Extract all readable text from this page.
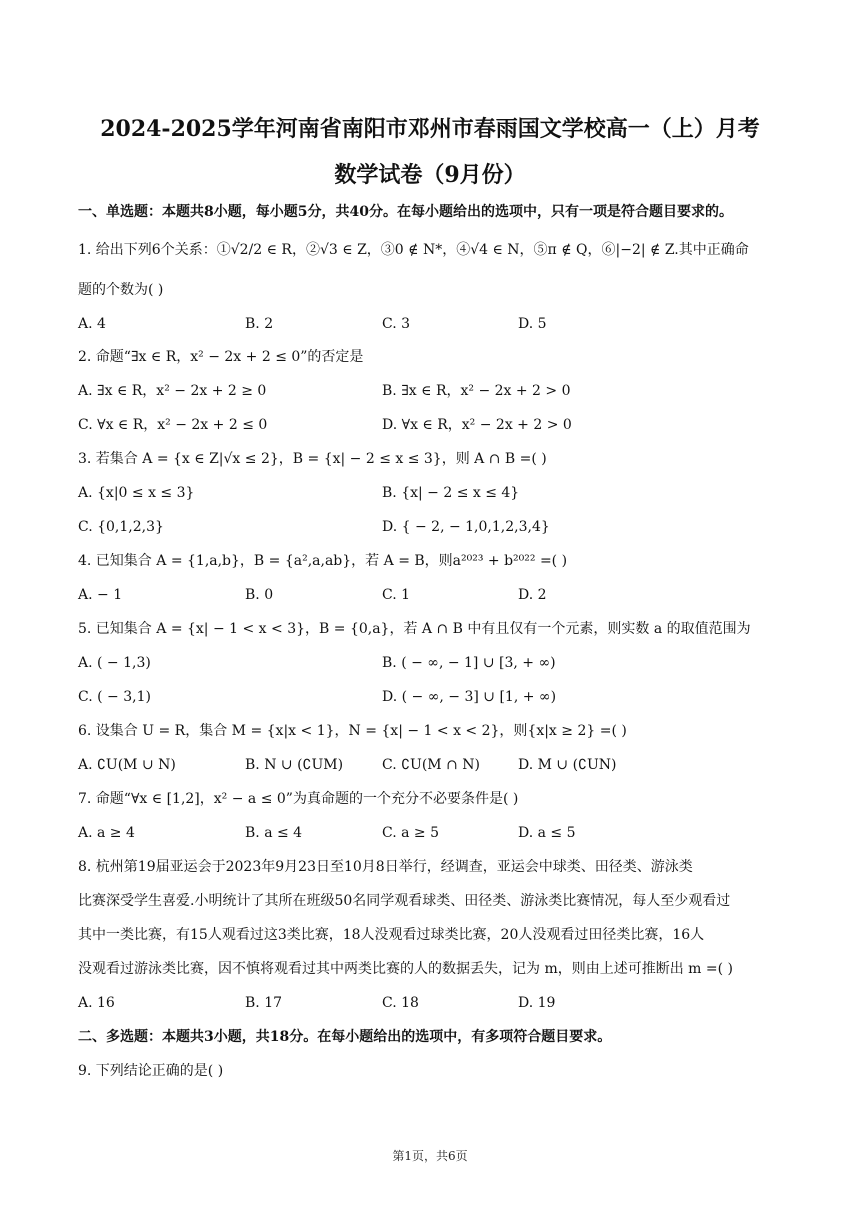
2024-2025学年河南省南阳市邓州市春雨国文学校高一（上）月考
数学试卷（9月份）
一、单选题：本题共8小题，每小题5分，共40分。在每小题给出的选项中，只有一项是符合题目要求的。
1. 给出下列6个关系：①√2/2 ∈ R，②√3 ∈ Z，③0 ∉ N*，④√4 ∈ N，⑤π ∉ Q，⑥|−2| ∉ Z.其中正确命
题的个数为( )
A. 4	B. 2	C. 3	D. 5
2. 命题“∃x ∈ R，x² − 2x + 2 ≤ 0”的否定是
A. ∃x ∈ R，x² − 2x + 2 ≥ 0	B. ∃x ∈ R，x² − 2x + 2 > 0
C. ∀x ∈ R，x² − 2x + 2 ≤ 0	D. ∀x ∈ R，x² − 2x + 2 > 0
3. 若集合 A = {x ∈ Z|√x ≤ 2}，B = {x| − 2 ≤ x ≤ 3}，则 A ∩ B =( )
A. {x|0 ≤ x ≤ 3}	B. {x| − 2 ≤ x ≤ 4}
C. {0,1,2,3}	D. { − 2, − 1,0,1,2,3,4}
4. 已知集合 A = {1,a,b}，B = {a²,a,ab}，若 A = B，则a²⁰²³ + b²⁰²² =( )
A. − 1	B. 0	C. 1	D. 2
5. 已知集合 A = {x| − 1 < x < 3}，B = {0,a}，若 A ∩ B 中有且仅有一个元素，则实数 a 的取值范围为
A. ( − 1,3)	B. ( − ∞, − 1] ∪ [3, + ∞)
C. ( − 3,1)	D. ( − ∞, − 3] ∪ [1, + ∞)
6. 设集合 U = R，集合 M = {x|x < 1}，N = {x| − 1 < x < 2}，则{x|x ≥ 2} =( )
A. ∁U(M ∪ N)	B. N ∪ (∁UM)	C. ∁U(M ∩ N)	D. M ∪ (∁UN)
7. 命题“∀x ∈ [1,2]，x² − a ≤ 0”为真命题的一个充分不必要条件是( )
A. a ≥ 4	B. a ≤ 4	C. a ≥ 5	D. a ≤ 5
8. 杭州第19届亚运会于2023年9月23日至10月8日举行，经调查，亚运会中球类、田径类、游泳类
比赛深受学生喜爱.小明统计了其所在班级50名同学观看球类、田径类、游泳类比赛情况，每人至少观看过
其中一类比赛，有15人观看过这3类比赛，18人没观看过球类比赛，20人没观看过田径类比赛，16人
没观看过游泳类比赛，因不慎将观看过其中两类比赛的人的数据丢失，记为 m，则由上述可推断出 m =( )
A. 16	B. 17	C. 18	D. 19
二、多选题：本题共3小题，共18分。在每小题给出的选项中，有多项符合题目要求。
9. 下列结论正确的是( )
第1页，共6页
